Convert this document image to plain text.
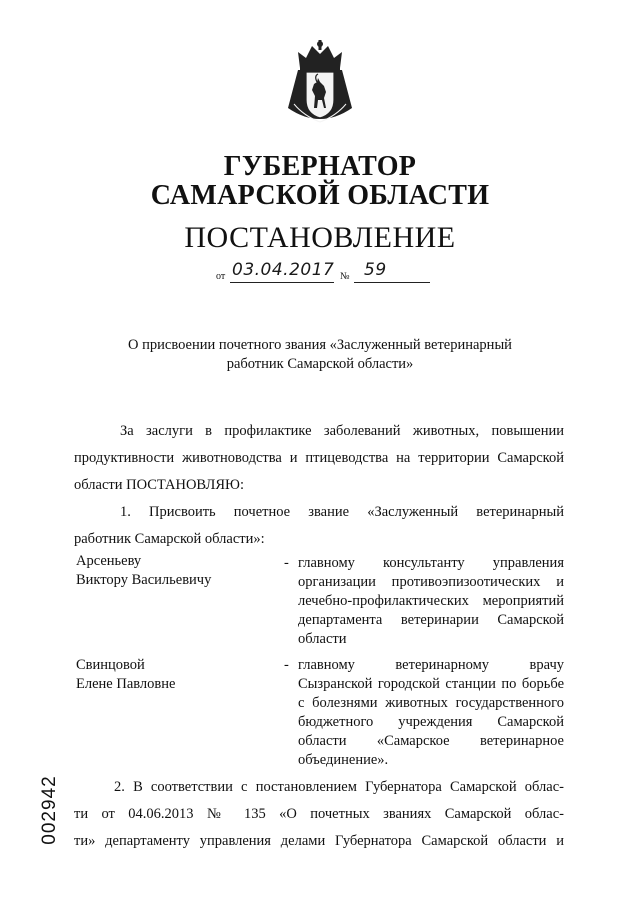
ГУБЕРНАТОР
САМАРСКОЙ ОБЛАСТИ
ПОСТАНОВЛЕНИЕ
от 03.04.2017 № 59
О присвоении почетного звания «Заслуженный ветеринарный
работник Самарской области»
За заслуги в профилактике заболеваний животных, повышении
продуктивности животноводства и птицеводства на территории Самарской
области ПОСТАНОВЛЯЮ:
1. Присвоить почетное звание «Заслуженный ветеринарный
работник Самарской области»:
Арсеньеву
Виктору Васильевичу
- главному консультанту управления организации противоэпизоотических и лечебно-профилактических мероприятий департамента ветеринарии Самарской области
Свинцовой
Елене Павловне
- главному ветеринарному врачу Сызранской городской станции по борьбе с болезнями животных государственного бюджетного учреждения Самарской области «Самарское ветеринарное объединение».
2. В соответствии с постановлением Губернатора Самарской облас-
ти от 04.06.2013 № 135 «О почетных званиях Самарской облас-
ти» департаменту управления делами Губернатора Самарской области и
002942
